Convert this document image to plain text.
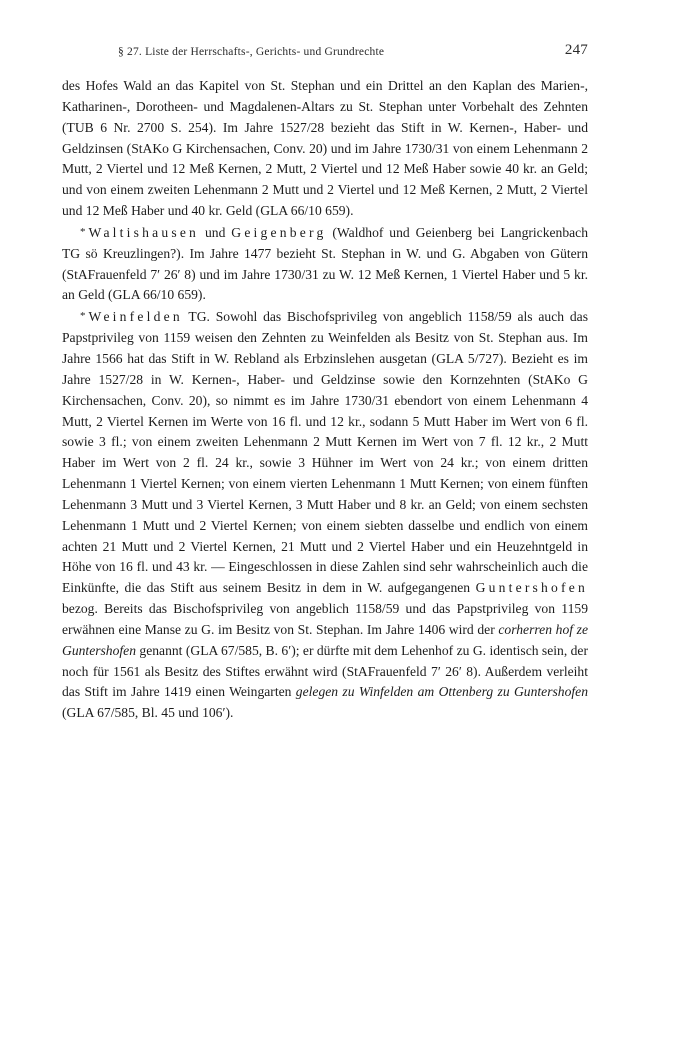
§ 27. Liste der Herrschafts-, Gerichts- und Grundrechte	247

des Hofes Wald an das Kapitel von St. Stephan und ein Drittel an den Kaplan des Marien-, Katharinen-, Dorotheen- und Magdalenen-Altars zu St. Stephan unter Vorbehalt des Zehnten (TUB 6 Nr. 2700 S. 254). Im Jahre 1527/28 bezieht das Stift in W. Kernen-, Haber- und Geldzinsen (StAKo G Kirchensachen, Conv. 20) und im Jahre 1730/31 von einem Lehenmann 2 Mutt, 2 Viertel und 12 Meß Kernen, 2 Mutt, 2 Viertel und 12 Meß Haber sowie 40 kr. an Geld; und von einem zweiten Lehenmann 2 Mutt und 2 Viertel und 12 Meß Kernen, 2 Mutt, 2 Viertel und 12 Meß Haber und 40 kr. Geld (GLA 66/10 659).

* Waltishausen und Geigenberg (Waldhof und Geienberg bei Langrickenbach TG sö Kreuzlingen?). Im Jahre 1477 bezieht St. Stephan in W. und G. Abgaben von Gütern (StAFrauenfeld 7′ 26′ 8) und im Jahre 1730/31 zu W. 12 Meß Kernen, 1 Viertel Haber und 5 kr. an Geld (GLA 66/10 659).

* Weinfelden TG. Sowohl das Bischofsprivileg von angeblich 1158/59 als auch das Papstprivileg von 1159 weisen den Zehnten zu Weinfelden als Besitz von St. Stephan aus. Im Jahre 1566 hat das Stift in W. Rebland als Erbzinslehen ausgetan (GLA 5/727). Bezieht es im Jahre 1527/28 in W. Kernen-, Haber- und Geldzinse sowie den Kornzehnten (StAKo G Kirchensachen, Conv. 20), so nimmt es im Jahre 1730/31 ebendort von einem Lehenmann 4 Mutt, 2 Viertel Kernen im Werte von 16 fl. und 12 kr., sodann 5 Mutt Haber im Wert von 6 fl. sowie 3 fl.; von einem zweiten Lehenmann 2 Mutt Kernen im Wert von 7 fl. 12 kr., 2 Mutt Haber im Wert von 2 fl. 24 kr., sowie 3 Hühner im Wert von 24 kr.; von einem dritten Lehenmann 1 Viertel Kernen; von einem vierten Lehenmann 1 Mutt Kernen; von einem fünften Lehenmann 3 Mutt und 3 Viertel Kernen, 3 Mutt Haber und 8 kr. an Geld; von einem sechsten Lehenmann 1 Mutt und 2 Viertel Kernen; von einem siebten dasselbe und endlich von einem achten 21 Mutt und 2 Viertel Kernen, 21 Mutt und 2 Viertel Haber und ein Heuzehntgeld in Höhe von 16 fl. und 43 kr. — Eingeschlossen in diese Zahlen sind sehr wahrscheinlich auch die Einkünfte, die das Stift aus seinem Besitz in dem in W. aufgegangenen Guntershofen bezog. Bereits das Bischofsprivileg von angeblich 1158/59 und das Papstprivileg von 1159 erwähnen eine Manse zu G. im Besitz von St. Stephan. Im Jahre 1406 wird der corherren hof ze Guntershofen genannt (GLA 67/585, B. 6′); er dürfte mit dem Lehenhof zu G. identisch sein, der noch für 1561 als Besitz des Stiftes erwähnt wird (StAFrauenfeld 7′ 26′ 8). Außerdem verleiht das Stift im Jahre 1419 einen Weingarten gelegen zu Winfelden am Ottenberg zu Guntershofen (GLA 67/585, Bl. 45 und 106′).
